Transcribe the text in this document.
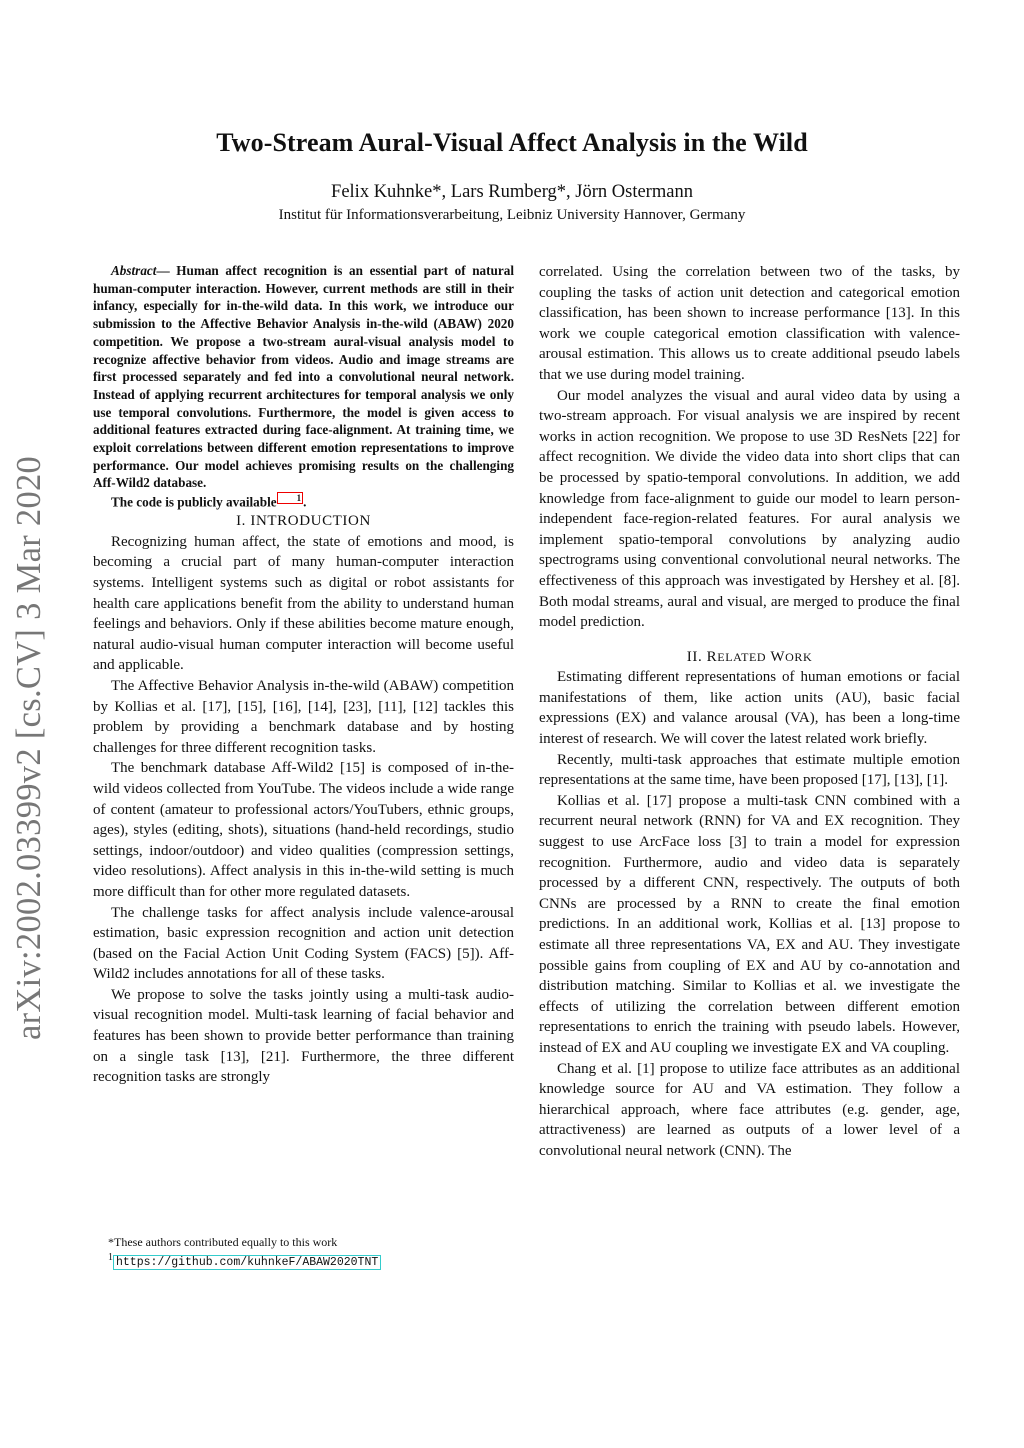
Two-Stream Aural-Visual Affect Analysis in the Wild
Felix Kuhnke*, Lars Rumberg*, Jörn Ostermann
Institut für Informationsverarbeitung, Leibniz University Hannover, Germany
arXiv:2002.03399v2 [cs.CV] 3 Mar 2020

Abstract— Human affect recognition is an essential part of natural human-computer interaction. However, current methods are still in their infancy, especially for in-the-wild data. In this work, we introduce our submission to the Affective Behavior Analysis in-the-wild (ABAW) 2020 competition. We propose a two-stream aural-visual analysis model to recognize affective behavior from videos. Audio and image streams are first processed separately and fed into a convolutional neural network. Instead of applying recurrent architectures for temporal analysis we only use temporal convolutions. Furthermore, the model is given access to additional features extracted during face-alignment. At training time, we exploit correlations between different emotion representations to improve performance. Our model achieves promising results on the challenging Aff-Wild2 database.

The code is publicly available 1 .

I. INTRODUCTION

Recognizing human affect, the state of emotions and mood, is becoming a crucial part of many human-computer interaction systems. Intelligent systems such as digital or robot assistants for health care applications benefit from the ability to understand human feelings and behaviors. Only if these abilities become mature enough, natural audio-visual human computer interaction will become useful and applicable.

The Affective Behavior Analysis in-the-wild (ABAW) competition by Kollias et al. [17], [15], [16], [14], [23], [11], [12] tackles this problem by providing a benchmark database and by hosting challenges for three different recognition tasks.

The benchmark database Aff-Wild2 [15] is composed of in-the-wild videos collected from YouTube. The videos include a wide range of content (amateur to professional actors/YouTubers, ethnic groups, ages), styles (editing, shots), situations (hand-held recordings, studio settings, indoor/outdoor) and video qualities (compression settings, video resolutions). Affect analysis in this in-the-wild setting is much more difficult than for other more regulated datasets.

The challenge tasks for affect analysis include valence-arousal estimation, basic expression recognition and action unit detection (based on the Facial Action Unit Coding System (FACS) [5]). Aff-Wild2 includes annotations for all of these tasks.

We propose to solve the tasks jointly using a multi-task audio-visual recognition model. Multi-task learning of facial behavior and features has been shown to provide better performance than training on a single task [13], [21]. Furthermore, the three different recognition tasks are strongly

correlated. Using the correlation between two of the tasks, by coupling the tasks of action unit detection and categorical emotion classification, has been shown to increase performance [13]. In this work we couple categorical emotion classification with valence-arousal estimation. This allows us to create additional pseudo labels that we use during model training.

Our model analyzes the visual and aural video data by using a two-stream approach. For visual analysis we are inspired by recent works in action recognition. We propose to use 3D ResNets [22] for affect recognition. We divide the video data into short clips that can be processed by spatio-temporal convolutions. In addition, we add knowledge from face-alignment to guide our model to learn person-independent face-region-related features. For aural analysis we implement spatio-temporal convolutions by analyzing audio spectrograms using conventional convolutional neural networks. The effectiveness of this approach was investigated by Hershey et al. [8]. Both modal streams, aural and visual, are merged to produce the final model prediction.

II. RELATED WORK

Estimating different representations of human emotions or facial manifestations of them, like action units (AU), basic facial expressions (EX) and valance arousal (VA), has been a long-time interest of research. We will cover the latest related work briefly.

Recently, multi-task approaches that estimate multiple emotion representations at the same time, have been proposed [17], [13], [1].

Kollias et al. [17] propose a multi-task CNN combined with a recurrent neural network (RNN) for VA and EX recognition. They suggest to use ArcFace loss [3] to train a model for expression recognition. Furthermore, audio and video data is separately processed by a different CNN, respectively. The outputs of both CNNs are processed by a RNN to create the final emotion predictions. In an additional work, Kollias et al. [13] propose to estimate all three representations VA, EX and AU. They investigate possible gains from coupling of EX and AU by co-annotation and distribution matching. Similar to Kollias et al. we investigate the effects of utilizing the correlation between different emotion representations to enrich the training with pseudo labels. However, instead of EX and AU coupling we investigate EX and VA coupling.

Chang et al. [1] propose to utilize face attributes as an additional knowledge source for AU and VA estimation. They follow a hierarchical approach, where face attributes (e.g. gender, age, attractiveness) are learned as outputs of a lower level of a convolutional neural network (CNN). The

*These authors contributed equally to this work
$^1$ https://github.com/kuhnkeF/ABAW2020TNT
